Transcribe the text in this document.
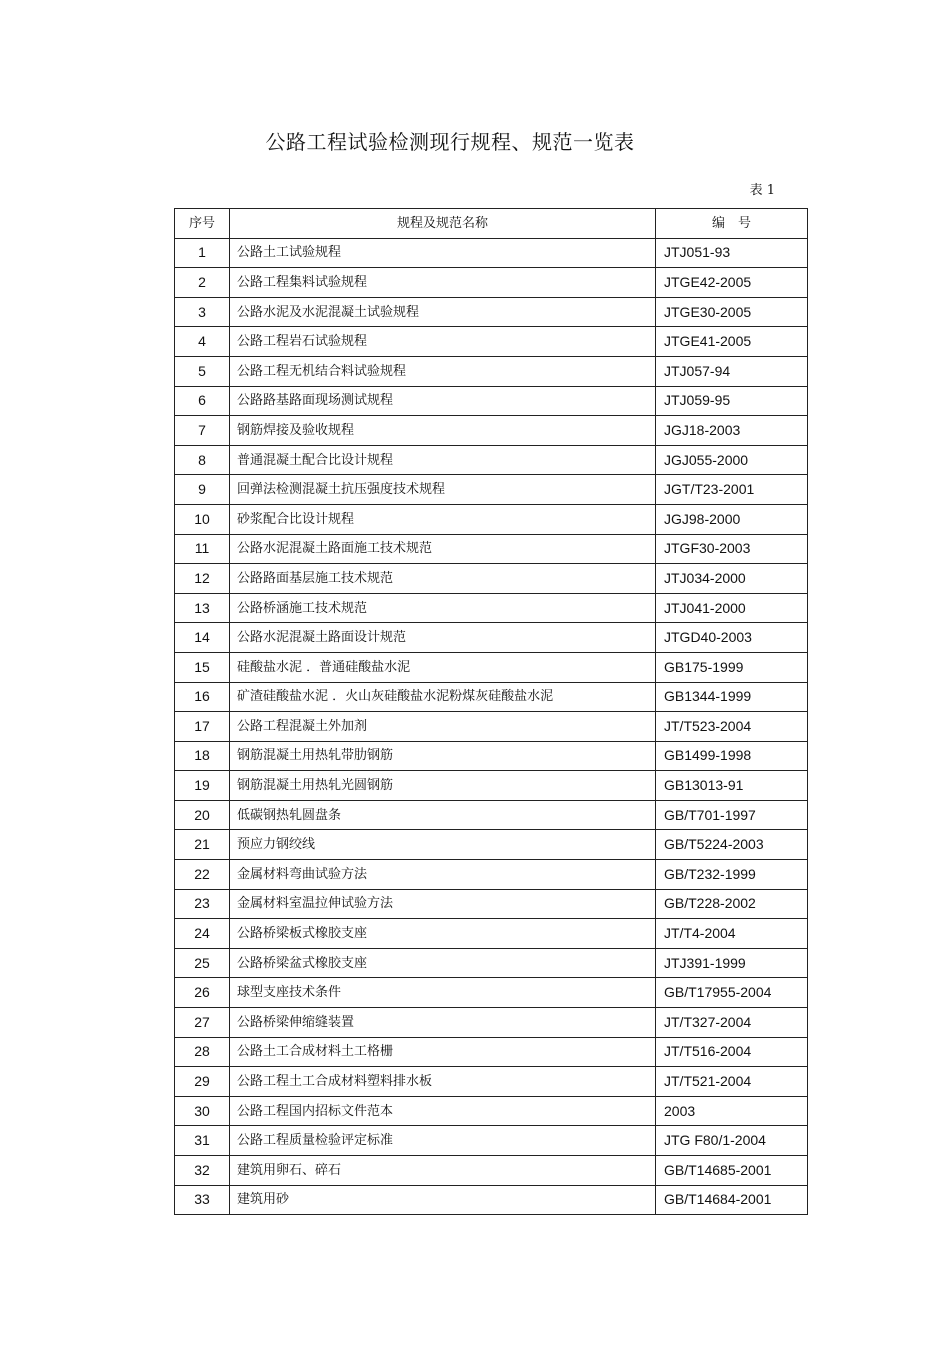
公路工程试验检测现行规程、规范一览表
表 1
序号	规程及规范名称	编　号
1	公路土工试验规程	JTJ051-93
2	公路工程集料试验规程	JTGE42-2005
3	公路水泥及水泥混凝土试验规程	JTGE30-2005
4	公路工程岩石试验规程	JTGE41-2005
5	公路工程无机结合料试验规程	JTJ057-94
6	公路路基路面现场测试规程	JTJ059-95
7	钢筋焊接及验收规程	JGJ18-2003
8	普通混凝土配合比设计规程	JGJ055-2000
9	回弹法检测混凝土抗压强度技术规程	JGT/T23-2001
10	砂浆配合比设计规程	JGJ98-2000
11	公路水泥混凝土路面施工技术规范	JTGF30-2003
12	公路路面基层施工技术规范	JTJ034-2000
13	公路桥涵施工技术规范	JTJ041-2000
14	公路水泥混凝土路面设计规范	JTGD40-2003
15	硅酸盐水泥 ．普通硅酸盐水泥	GB175-1999
16	矿渣硅酸盐水泥 ．火山灰硅酸盐水泥粉煤灰硅酸盐水泥	GB1344-1999
17	公路工程混凝土外加剂	JT/T523-2004
18	钢筋混凝土用热轧带肋钢筋	GB1499-1998
19	钢筋混凝土用热轧光圆钢筋	GB13013-91
20	低碳钢热轧圆盘条	GB/T701-1997
21	预应力钢绞线	GB/T5224-2003
22	金属材料弯曲试验方法	GB/T232-1999
23	金属材料室温拉伸试验方法	GB/T228-2002
24	公路桥梁板式橡胶支座	JT/T4-2004
25	公路桥梁盆式橡胶支座	JTJ391-1999
26	球型支座技术条件	GB/T17955-2004
27	公路桥梁伸缩缝装置	JT/T327-2004
28	公路土工合成材料土工格栅	JT/T516-2004
29	公路工程土工合成材料塑料排水板	JT/T521-2004
30	公路工程国内招标文件范本	2003
31	公路工程质量检验评定标准	JTG F80/1-2004
32	建筑用卵石、碎石	GB/T14685-2001
33	建筑用砂	GB/T14684-2001
